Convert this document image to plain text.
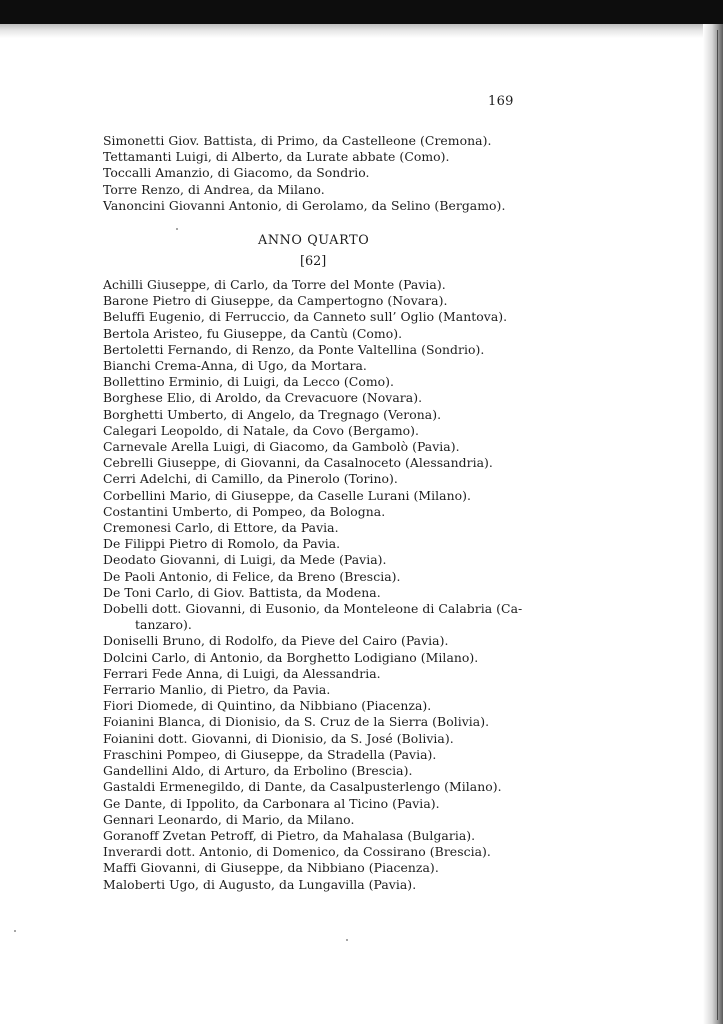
169
Simonetti Giov. Battista, di Primo, da Castelleone (Cremona).
Tettamanti Luigi, di Alberto, da Lurate abbate (Como).
Toccalli Amanzio, di Giacomo, da Sondrio.
Torre Renzo, di Andrea, da Milano.
Vanoncini Giovanni Antonio, di Gerolamo, da Selino (Bergamo).
ANNO QUARTO
[62]
Achilli Giuseppe, di Carlo, da Torre del Monte (Pavia).
Barone Pietro di Giuseppe, da Campertogno (Novara).
Beluffi Eugenio, di Ferruccio, da Canneto sull’ Oglio (Mantova).
Bertola Aristeo, fu Giuseppe, da Cantù (Como).
Bertoletti Fernando, di Renzo, da Ponte Valtellina (Sondrio).
Bianchi Crema-Anna, di Ugo, da Mortara.
Bollettino Erminio, di Luigi, da Lecco (Como).
Borghese Elio, di Aroldo, da Crevacuore (Novara).
Borghetti Umberto, di Angelo, da Tregnago (Verona).
Calegari Leopoldo, di Natale, da Covo (Bergamo).
Carnevale Arella Luigi, di Giacomo, da Gambolò (Pavia).
Cebrelli Giuseppe, di Giovanni, da Casalnoceto (Alessandria).
Cerri Adelchi, di Camillo, da Pinerolo (Torino).
Corbellini Mario, di Giuseppe, da Caselle Lurani (Milano).
Costantini Umberto, di Pompeo, da Bologna.
Cremonesi Carlo, di Ettore, da Pavia.
De Filippi Pietro di Romolo, da Pavia.
Deodato Giovanni, di Luigi, da Mede (Pavia).
De Paoli Antonio, di Felice, da Breno (Brescia).
De Toni Carlo, di Giov. Battista, da Modena.
Dobelli dott. Giovanni, di Eusonio, da Monteleone di Calabria (Ca-
tanzaro).
Doniselli Bruno, di Rodolfo, da Pieve del Cairo (Pavia).
Dolcini Carlo, di Antonio, da Borghetto Lodigiano (Milano).
Ferrari Fede Anna, di Luigi, da Alessandria.
Ferrario Manlio, di Pietro, da Pavia.
Fiori Diomede, di Quintino, da Nibbiano (Piacenza).
Foianini Blanca, di Dionisio, da S. Cruz de la Sierra (Bolivia).
Foianini dott. Giovanni, di Dionisio, da S. José (Bolivia).
Fraschini Pompeo, di Giuseppe, da Stradella (Pavia).
Gandellini Aldo, di Arturo, da Erbolino (Brescia).
Gastaldi Ermenegildo, di Dante, da Casalpusterlengo (Milano).
Ge Dante, di Ippolito, da Carbonara al Ticino (Pavia).
Gennari Leonardo, di Mario, da Milano.
Goranoff Zvetan Petroff, di Pietro, da Mahalasa (Bulgaria).
Inverardi dott. Antonio, di Domenico, da Cossirano (Brescia).
Maffi Giovanni, di Giuseppe, da Nibbiano (Piacenza).
Maloberti Ugo, di Augusto, da Lungavilla (Pavia).
